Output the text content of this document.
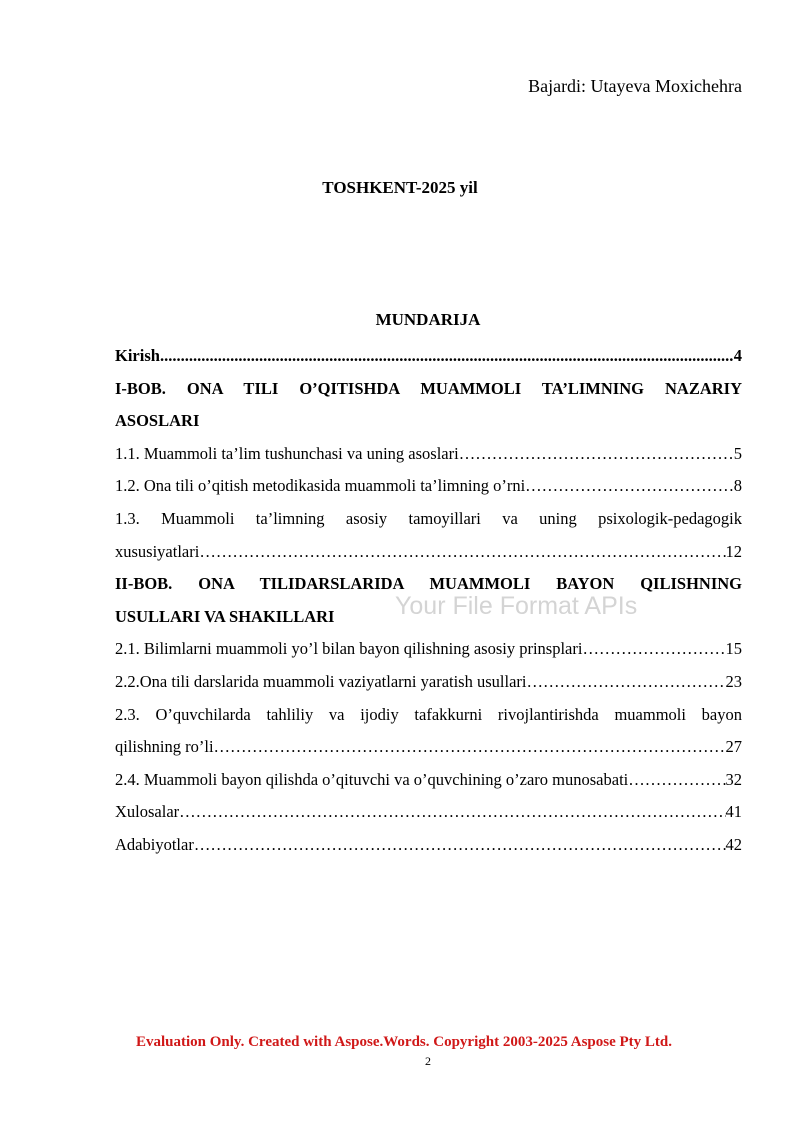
Bajardi: Utayeva Moxichehra
TOSHKENT-2025 yil
MUNDARIJA
Kirish .....	4
I-BOB. ONA TILI O’QITISHDA MUAMMOLI TA’LIMNING NAZARIY
ASOSLARI
1.1. Muammoli ta’lim tushunchasi va uning asoslari ………………………………………………………………………………………………………………………………………………………………	5
1.2. Ona tili o’qitish metodikasida muammoli ta’limning o’rni ………………………………………………………………………………………………………………………………………………………………	8
1.3. Muammoli ta’limning asosiy tamoyillari va uning psixologik-pedagogik
xususiyatlari ………………………………………………………………………………………………………………………………………………………………	12
II-BOB. ONA TILIDARSLARIDA MUAMMOLI BAYON QILISHNING
USULLARI VA SHAKILLARI
2.1. Bilimlarni muammoli yo’l bilan bayon qilishning asosiy prinsplari ………………………………………………………………………………………………………………………………………………………………	15
2.2.Ona tili darslarida muammoli vaziyatlarni yaratish usullari ………………………………………………………………………………………………………………………………………………………………	23
2.3. O’quvchilarda tahliliy va ijodiy tafakkurni rivojlantirishda muammoli bayon
qilishning ro’li ………………………………………………………………………………………………………………………………………………………………	27
2.4. Muammoli bayon qilishda o’qituvchi va o’quvchining o’zaro munosabati ………………………………………………………………………………………………………………………………………………………………	32
Xulosalar ………………………………………………………………………………………………………………………………………………………………	41
Adabiyotlar ………………………………………………………………………………………………………………………………………………………………	42
Your File Format APIs
Evaluation Only. Created with Aspose.Words. Copyright 2003-2025 Aspose Pty Ltd.
2
